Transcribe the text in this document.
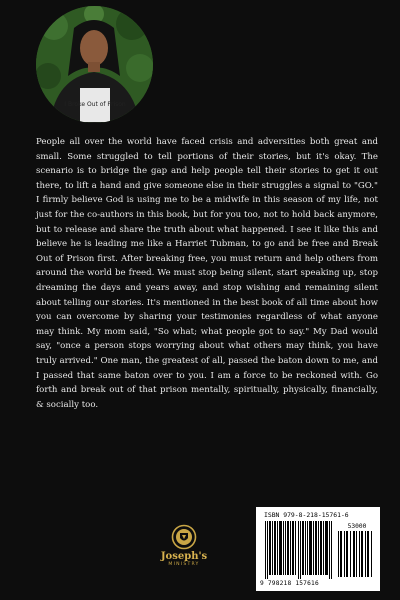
I Broke Out of Prison

People all over the world have faced crisis and adversities both great and small. Some struggled to tell portions of their stories, but it's okay. The scenario is to bridge the gap and help people tell their stories to get it out there, to lift a hand and give someone else in their struggles a signal to "GO." I firmly believe God is using me to be a midwife in this season of my life, not just for the co-authors in this book, but for you too, not to hold back anymore, but to release and share the truth about what happened. I see it like this and believe he is leading me like a Harriet Tubman, to go and be free and Break Out of Prison first. After breaking free, you must return and help others from around the world be freed. We must stop being silent, start speaking up, stop dreaming the days and years away, and stop wishing and remaining silent about telling our stories. It's mentioned in the best book of all time about how you can overcome by sharing your testimonies regardless of what anyone may think. My mom said, "So what; what people got to say." My Dad would say, "once a person stops worrying about what others may think, you have truly arrived." One man, the greatest of all, passed the baton down to me, and I passed that same baton over to you. I am a force to be reckoned with. Go forth and break out of that prison mentally, spiritually, physically, financially, & socially too.

Joseph's
MINISTRY
ISBN 979-8-218-15761-6
53000
9 798218 157616
